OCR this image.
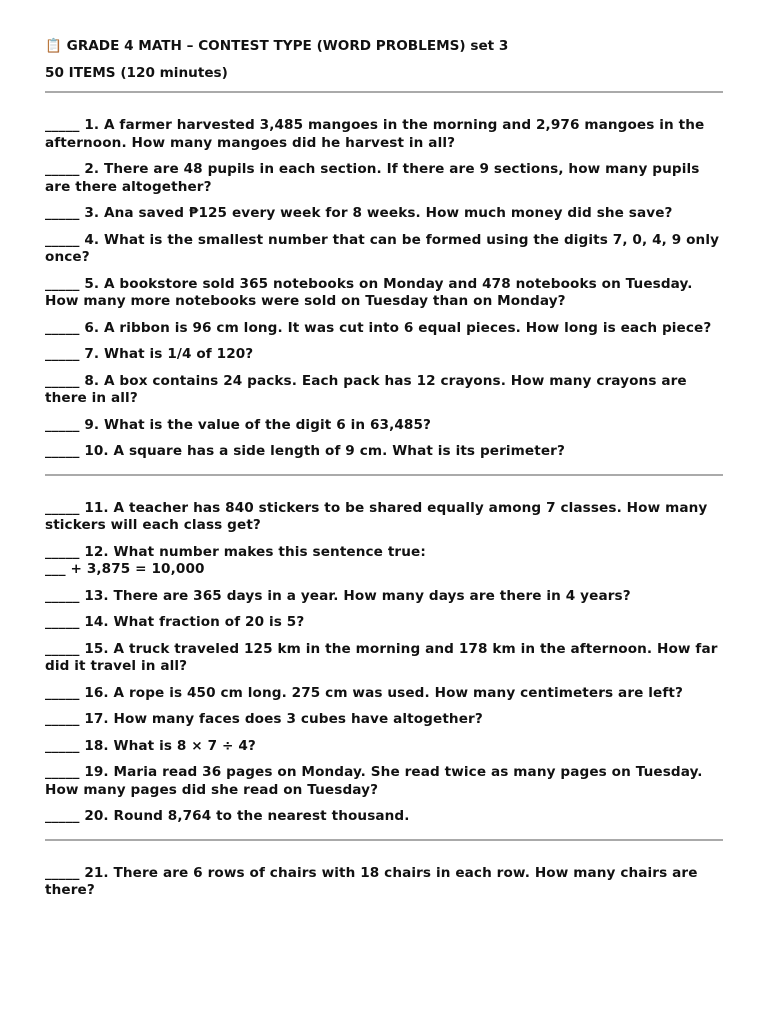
📋 GRADE 4 MATH – CONTEST TYPE (WORD PROBLEMS) set 3
50 ITEMS (120 minutes)

_____ 1. A farmer harvested 3,485 mangoes in the morning and 2,976 mangoes in the afternoon. How many mangoes did he harvest in all?

_____ 2. There are 48 pupils in each section. If there are 9 sections, how many pupils are there altogether?

_____ 3. Ana saved ₱125 every week for 8 weeks. How much money did she save?

_____ 4. What is the smallest number that can be formed using the digits 7, 0, 4, 9 only once?

_____ 5. A bookstore sold 365 notebooks on Monday and 478 notebooks on Tuesday. How many more notebooks were sold on Tuesday than on Monday?

_____ 6. A ribbon is 96 cm long. It was cut into 6 equal pieces. How long is each piece?

_____ 7. What is 1/4 of 120?

_____ 8. A box contains 24 packs. Each pack has 12 crayons. How many crayons are there in all?

_____ 9. What is the value of the digit 6 in 63,485?

_____ 10. A square has a side length of 9 cm. What is its perimeter?

_____ 11. A teacher has 840 stickers to be shared equally among 7 classes. How many stickers will each class get?

_____ 12. What number makes this sentence true:
___ + 3,875 = 10,000

_____ 13. There are 365 days in a year. How many days are there in 4 years?

_____ 14. What fraction of 20 is 5?

_____ 15. A truck traveled 125 km in the morning and 178 km in the afternoon. How far did it travel in all?

_____ 16. A rope is 450 cm long. 275 cm was used. How many centimeters are left?

_____ 17. How many faces does 3 cubes have altogether?

_____ 18. What is 8 × 7 ÷ 4?

_____ 19. Maria read 36 pages on Monday. She read twice as many pages on Tuesday. How many pages did she read on Tuesday?

_____ 20. Round 8,764 to the nearest thousand.

_____ 21. There are 6 rows of chairs with 18 chairs in each row. How many chairs are there?
